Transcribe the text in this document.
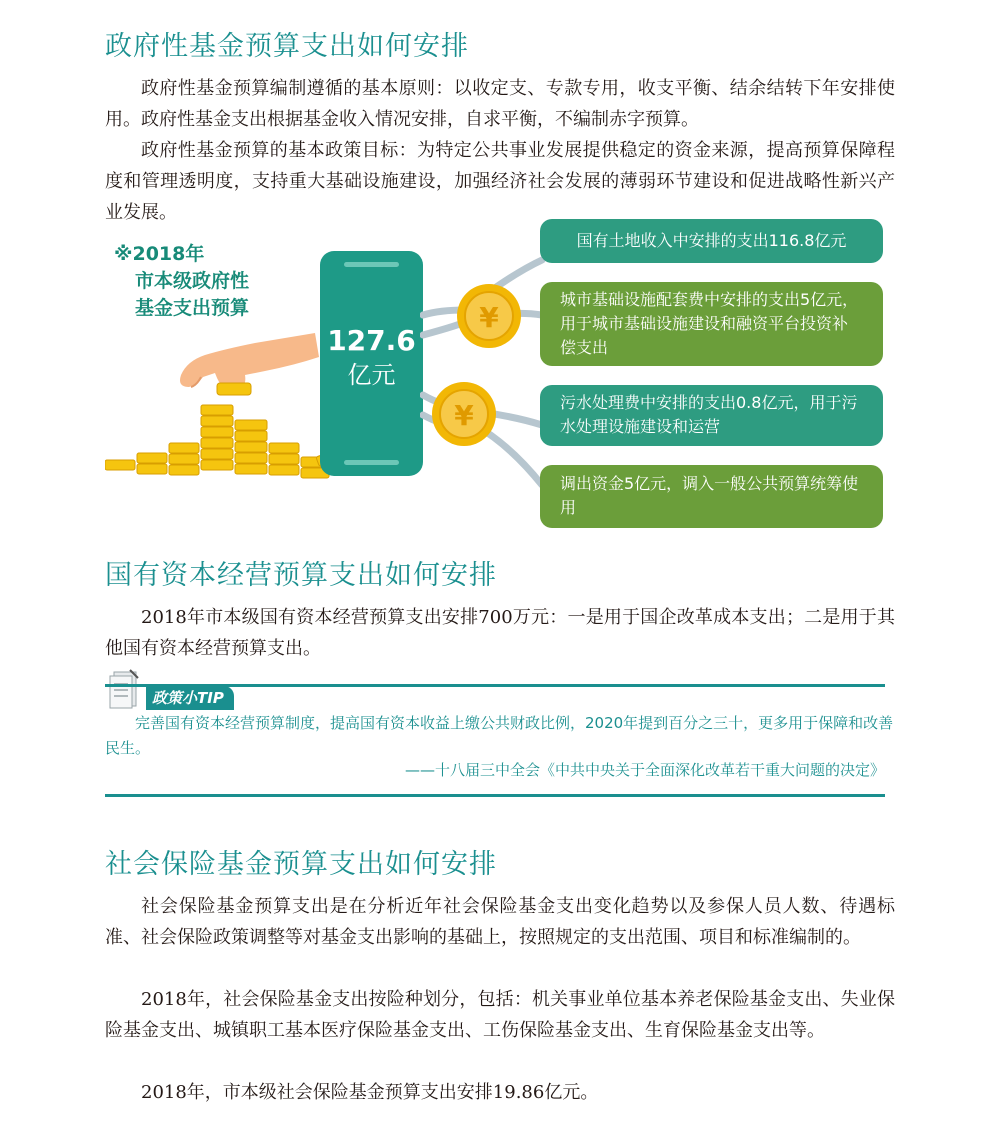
政府性基金预算支出如何安排

政府性基金预算编制遵循的基本原则：以收定支、专款专用，收支平衡、结余结转下年安排使用。政府性基金支出根据基金收入情况安排，自求平衡，不编制赤字预算。

政府性基金预算的基本政策目标：为特定公共事业发展提供稳定的资金来源，提高预算保障程度和管理透明度，支持重大基础设施建设，加强经济社会发展的薄弱环节建设和促进战略性新兴产业发展。

※2018年
市本级政府性
基金支出预算

127.6
亿元
¥
¥
国有土地收入中安排的支出116.8亿元
城市基础设施配套费中安排的支出5亿元，用于城市基础设施建设和融资平台投资补偿支出
污水处理费中安排的支出0.8亿元，用于污水处理设施建设和运营
调出资金5亿元，调入一般公共预算统筹使用
国有资本经营预算支出如何安排

2018年市本级国有资本经营预算支出安排700万元：一是用于国企改革成本支出；二是用于其他国有资本经营预算支出。

政策小TIP

完善国有资本经营预算制度，提高国有资本收益上缴公共财政比例，2020年提到百分之三十，更多用于保障和改善民生。

——十八届三中全会《中共中央关于全面深化改革若干重大问题的决定》

社会保险基金预算支出如何安排

社会保险基金预算支出是在分析近年社会保险基金支出变化趋势以及参保人员人数、待遇标准、社会保险政策调整等对基金支出影响的基础上，按照规定的支出范围、项目和标准编制的。

2018年，社会保险基金支出按险种划分，包括：机关事业单位基本养老保险基金支出、失业保险基金支出、城镇职工基本医疗保险基金支出、工伤保险基金支出、生育保险基金支出等。

2018年，市本级社会保险基金预算支出安排19.86亿元。
